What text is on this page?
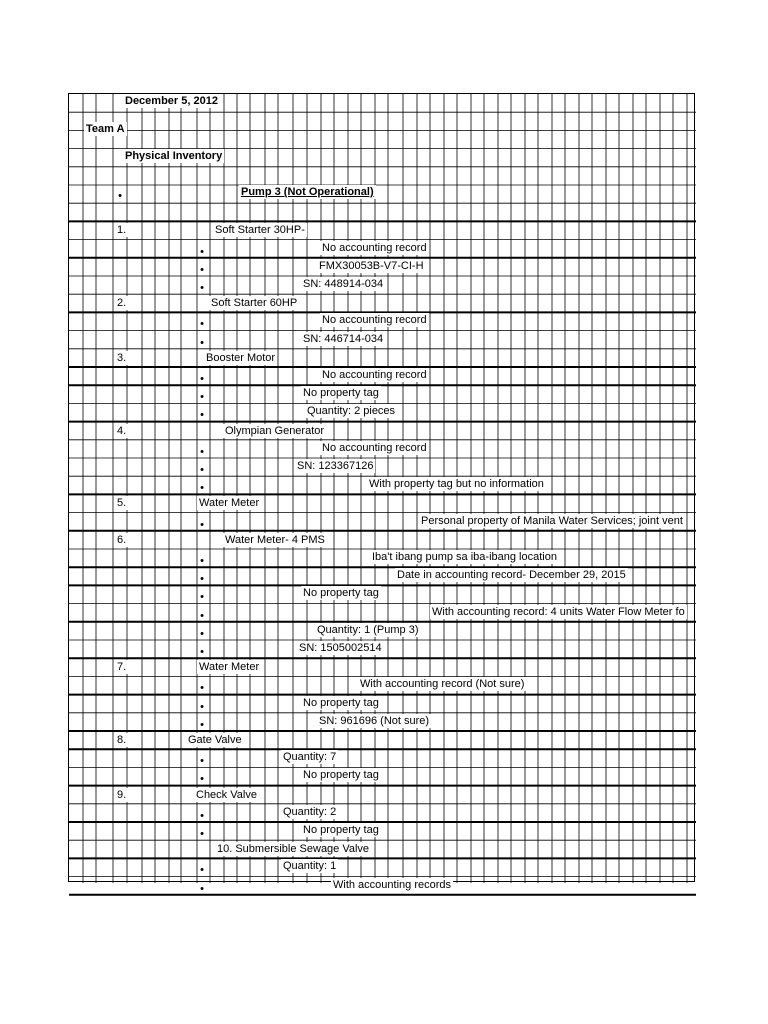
December 5, 2012
Team A
Physical Inventory
•	Pump 3 (Not Operational)
1.	Soft Starter 30HP-
•	No accounting record
•	FMX30053B-V7-CI-H
•	SN: 448914-034
2.	Soft Starter 60HP
•	No accounting record
•	SN: 446714-034
3.	Booster Motor
•	No accounting record
•	No property tag
•	Quantity: 2 pieces
4.	Olympian Generator
•	No accounting record
•	SN: 123367126
•	With property tag but no information
5.	Water Meter
•	Personal property of Manila Water Services; joint vent
6.	Water Meter- 4 PMS
•	Iba't ibang pump sa iba-ibang location
•	Date in accounting record- December 29, 2015
•	No property tag
•	With accounting record: 4 units Water Flow Meter fo
•	Quantity: 1 (Pump 3)
•	SN: 1505002514
7.	Water Meter
•	With accounting record (Not sure)
•	No property tag
•	SN: 961696 (Not sure)
8.	Gate Valve
•	Quantity: 7
•	No property tag
9.	Check Valve
•	Quantity: 2
•	No property tag
10. Submersible Sewage Valve
•	Quantity: 1
•	With accounting records
